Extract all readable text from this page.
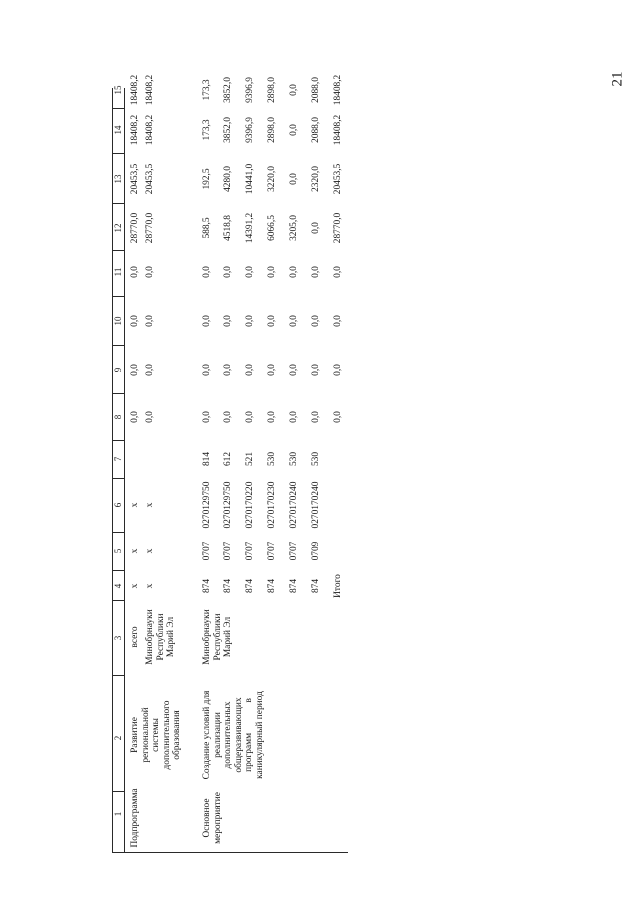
21
1
2
3
4
5
6
7
8
9
10
11
12
13
14
15
Подпрограмма
Развитие региональной системы дополнительного образования
всего
x
x
x
0,0
0,0
0,0
0,0
28770,0
20453,5
18408,2
18408,2
Минобрнауки Республики Марий Эл
x
x
x
0,0
0,0
0,0
0,0
28770,0
20453,5
18408,2
18408,2
Основное мероприятие
Создание условий для реализации дополнительных общеразвивающих программ             в каникулярный период
Минобрнауки Республики Марий Эл
874
0707
0270129750
814
0,0
0,0
0,0
0,0
588,5
192,5
173,3
173,3
874
0707
0270129750
612
0,0
0,0
0,0
0,0
4518,8
4280,0
3852,0
3852,0
874
0707
0270170220
521
0,0
0,0
0,0
0,0
14391,2
10441,0
9396,9
9396,9
874
0707
0270170230
530
0,0
0,0
0,0
0,0
6066,5
3220,0
2898,0
2898,0
874
0707
0270170240
530
0,0
0,0
0,0
0,0
3205,0
0,0
0,0
0,0
874
0709
0270170240
530
0,0
0,0
0,0
0,0
0,0
2320,0
2088,0
2088,0
Итого
0,0
0,0
0,0
0,0
28770,0
20453,5
18408,2
18408,2
